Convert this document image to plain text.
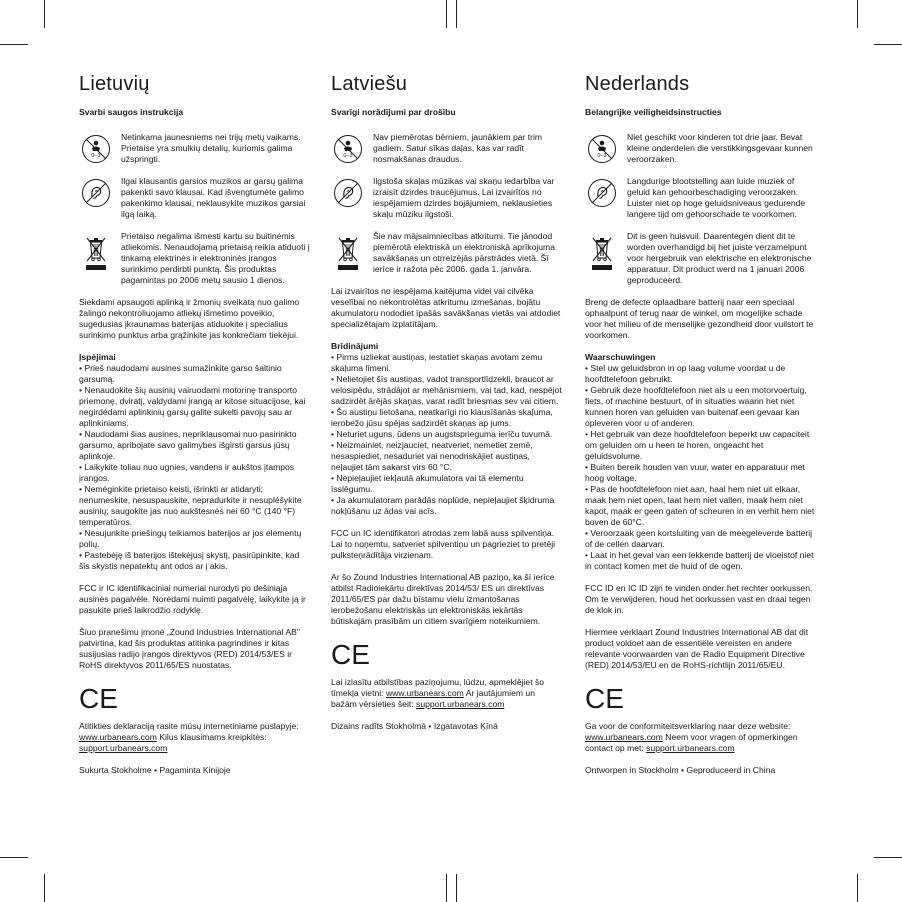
Lietuvių
Svarbi saugos instrukcija
0–3
Netinkama jaunesniems nei trijų metų vaikams. Prietaise yra smulkių detalių, kuriomis galima užspringti.
Ilgai klausantis garsios muzikos ar garsų galima pakenkti savo klausai. Kad išvengtumėte galimo pakenkimo klausai, neklausykite muzikos garsiai ilgą laiką.
Prietaiso negalima išmesti kartu su buitinėmis atliekomis. Nenaudojamą prietaisą reikia atiduoti į tinkamą elektrinės ir elektroninės įrangos surinkimo perdirbti punktą. Šis produktas pagamintas po 2006 metų sausio 1 dienos.
Siekdami apsaugoti aplinką ir žmonių sveikatą nuo galimo žalingo nekontroliuojamo atliekų išmetimo poveikio, sugedusias įkraunamas baterijas atiduokite į specialius surinkimo punktus arba grąžinkite jas konkrečiam tiekėjui.
Įspėjimai
• Prieš naudodami ausines sumažinkite garso šaltinio garsumą.
• Nenaudokite šių ausinių vairuodami motorinę transporto priemonę, dviratį, valdydami įrangą ar kitose situacijose, kai negirdėdami aplinkinių garsų galite sukelti pavojų sau ar aplinkiniams.
• Naudodami šias ausines, nepriklausomai nuo pasirinkto garsumo, apribojate savo galimybes išgirsti garsus jūsų aplinkoje.
• Laikykite toliau nuo ugnies, vandens ir aukštos įtampos įrangos.
• Neméginkite prietaiso keisti, išrinkti ar atidaryti; nenumeskite, nesuspauskite, nepradurkite ir nesuplėšykite ausinių; saugokite jas nuo aukštesnės nei 60 °C (140 °F) temperatūros.
• Nesujunkite priešingų teikiamos baterijos ar jos elementų polių.
• Pastebėję iš baterijos ištekėjusį skystį, pasirūpinkite, kad šis skystis nepatektų ant odos ar į akis.
FCC ir IC identifikaciniai numeriai nurodyti po dešiniąja ausinės pagalvėle. Norėdami nuimti pagalvėlę, laikykite ją ir pasukite prieš laikrodžio rodyklę.
Šiuo pranešimu įmonė „Zound Industries International AB" patvirtina, kad šis produktas atitinka pagrindines ir kitas susijusias radijo įrangos direktyvos (RED) 2014/53/ES ir RoHS direktyvos 2011/65/ES nuostatas.
CE
Atitikties deklaraciją rasite mūsų internetiniame puslapyje: www.urbanears.com Kilus klausimams kreipkitės: support.urbanears.com
Sukurta Stokholme • Pagaminta Kinijoje
Latviešu
Svarīgi norādījumi par drošību
0–3
Nav piemērotas bērniem, jaunākiem par trim gadiem. Satur sīkas daļas, kas var radīt nosmakšanas draudus.
Ilgstoša skaļas mūzikas vai skaņu iedarbība var izraisīt dzirdes traucējumus. Lai izvairītos no iespējamiem dzirdes bojājumiem, neklausieties skaļu mūziku ilgstoši.
Šie nav mājsaimniecības atkritumi. Tie jānodod piemērotā elektriskā un elektroniskā aprīkojuma savākšanas un otrreizējās pārstrādes vietā. Šī ierīce ir ražota pēc 2006. gada 1. janvāra.
Lai izvairītos no iespējama kaitējuma videi vai cilvēka veselībai no nekontrolētas atkritumu izmešanas, bojātu akumulatoru nododiet īpašās savākšanas vietās vai atdodiet specializētajam izplatītājam.
Brīdinājumi
• Pirms uzliekat austiņas, iestatiet skaņas avotam zemu skaļuma līmeni.
• Nelietojiet šīs austiņas, vadot transportlīdzekli, braucot ar velosipēdu, strādājot ar mehānismiem, vai tad, kad, nespējot sadzirdēt ārējās skaņas, varat radīt briesmas sev vai citiem.
• Šo austiņu lietošana, neatkarīgi no klausīšanās skaļuma, ierobežo jūsu spējas sadzirdēt skaņas ap jums.
• Neturiet uguns, ūdens un augstsprieguma ierīču tuvumā.
• Neizmainiet, neizjauciet, neatveriet, nemetiet zemē, nesaspiediet, nesaduriet vai nenodriskājiet austiņas, neļaujiet tām sakarst virs 60 °C.
• Nepieļaujiet iekļautā akumulatora vai tā elementu īsslēgumu.
• Ja akumulatoram parādās noplūde, nepieļaujiet šķidruma nokļūšanu uz ādas vai acīs.
FCC un IC identifikatori atrodas zem labā auss spilventiņa. Lai to noņemtu, satveriet spilventiņu un pagrieziet to pretēji pulksteņrādītāja virzienam.
Ar šo Zound Industries International AB paziņo, ka šī ierīce atbilst Radioiekārtu direktīvas 2014/53/ ES un direktīvas 2011/65/ES par dažu bīstamu vielu izmantošanas ierobežošanu elektriskās un elektroniskās iekārtās būtiskajām prasībām un citiem svarīgiem noteikumiem.
CE
Lai izlasītu atbilstības paziņojumu, lūdzu, apmeklējiet šo tīmekļa vietni: www.urbanears.com Ar jautājumiem un bažām vērsieties šeit: support.urbanears.com
Dizains radīts Stokholmā • Izgatavotas Ķīnā
Nederlands
Belangrijke veiligheidsinstructies
0–3
Niet geschikt voor kinderen tot drie jaar. Bevat kleine onderdelen die verstikkingsgevaar kunnen veroorzaken.
Langdurige blootstelling aan luide muziek of geluid kan gehoorbeschadiging veroorzaken. Luister niet op hoge geluidsniveaus gedurende langere tijd om gehoorschade te voorkomen.
Dit is geen huisvuil. Daarentegen dient dit te worden overhandigd bij het juiste verzamelpunt voor hergebruik van elektrische en elektronische apparatuur. Dit product werd na 1 januari 2006 geproduceerd.
Breng de defecte oplaadbare batterij naar een speciaal ophaalpunt of terug naar de winkel, om mogelijke schade voor het milieu of de menselijke gezondheid door vuilstort te voorkomen.
Waarschuwingen
• Stel uw geluidsbron in op laag volume voordat u de hoofdtelefoon gebruikt.
• Gebruik deze hoofdtelefoon niet als u een motorvoertuig, fiets, of machine bestuurt, of in situaties waarin het niet kunnen horen van geluiden van buitenaf een gevaar kan opleveren voor u of anderen.
• Het gebruik van deze hoofdtelefoon beperkt uw capaciteit om geluiden om u heen te horen, ongeacht het geluidsvolume.
• Buiten bereik houden van vuur, water en apparatuur met hoog voltage.
• Pas de hoofdtelefoon niet aan, haal hem niet uit elkaar, maak hem niet open, laat hem niet vallen, maak hem niet kapot, maak er geen gaten of scheuren in en verhit hem niet boven de 60°C.
• Veroorzaak geen kortsluiting van de meegeleverde batterij of de cellen daarvan.
• Laat in het geval van een lekkende batterij de vloeistof niet in contact komen met de huid of de ogen.
FCC ID en IC ID zijn te vinden onder het rechter oorkussen. Om te verwijderen, houd het oorkussen vast en draai tegen de klok in.
Hiermee verklaart Zound Industries International AB dat dit product voldoet aan de essentiële vereisten en andere relevante voorwaarden van de Radio Equipment Directive (RED) 2014/53/EU en de RoHS-richtlijn 2011/65/EU.
CE
Ga voor de conformiteitsverklaring naar deze website: www.urbanears.com Neem voor vragen of opmerkingen contact op met: support.urbanears.com
Ontworpen in Stockholm • Geproduceerd in China
